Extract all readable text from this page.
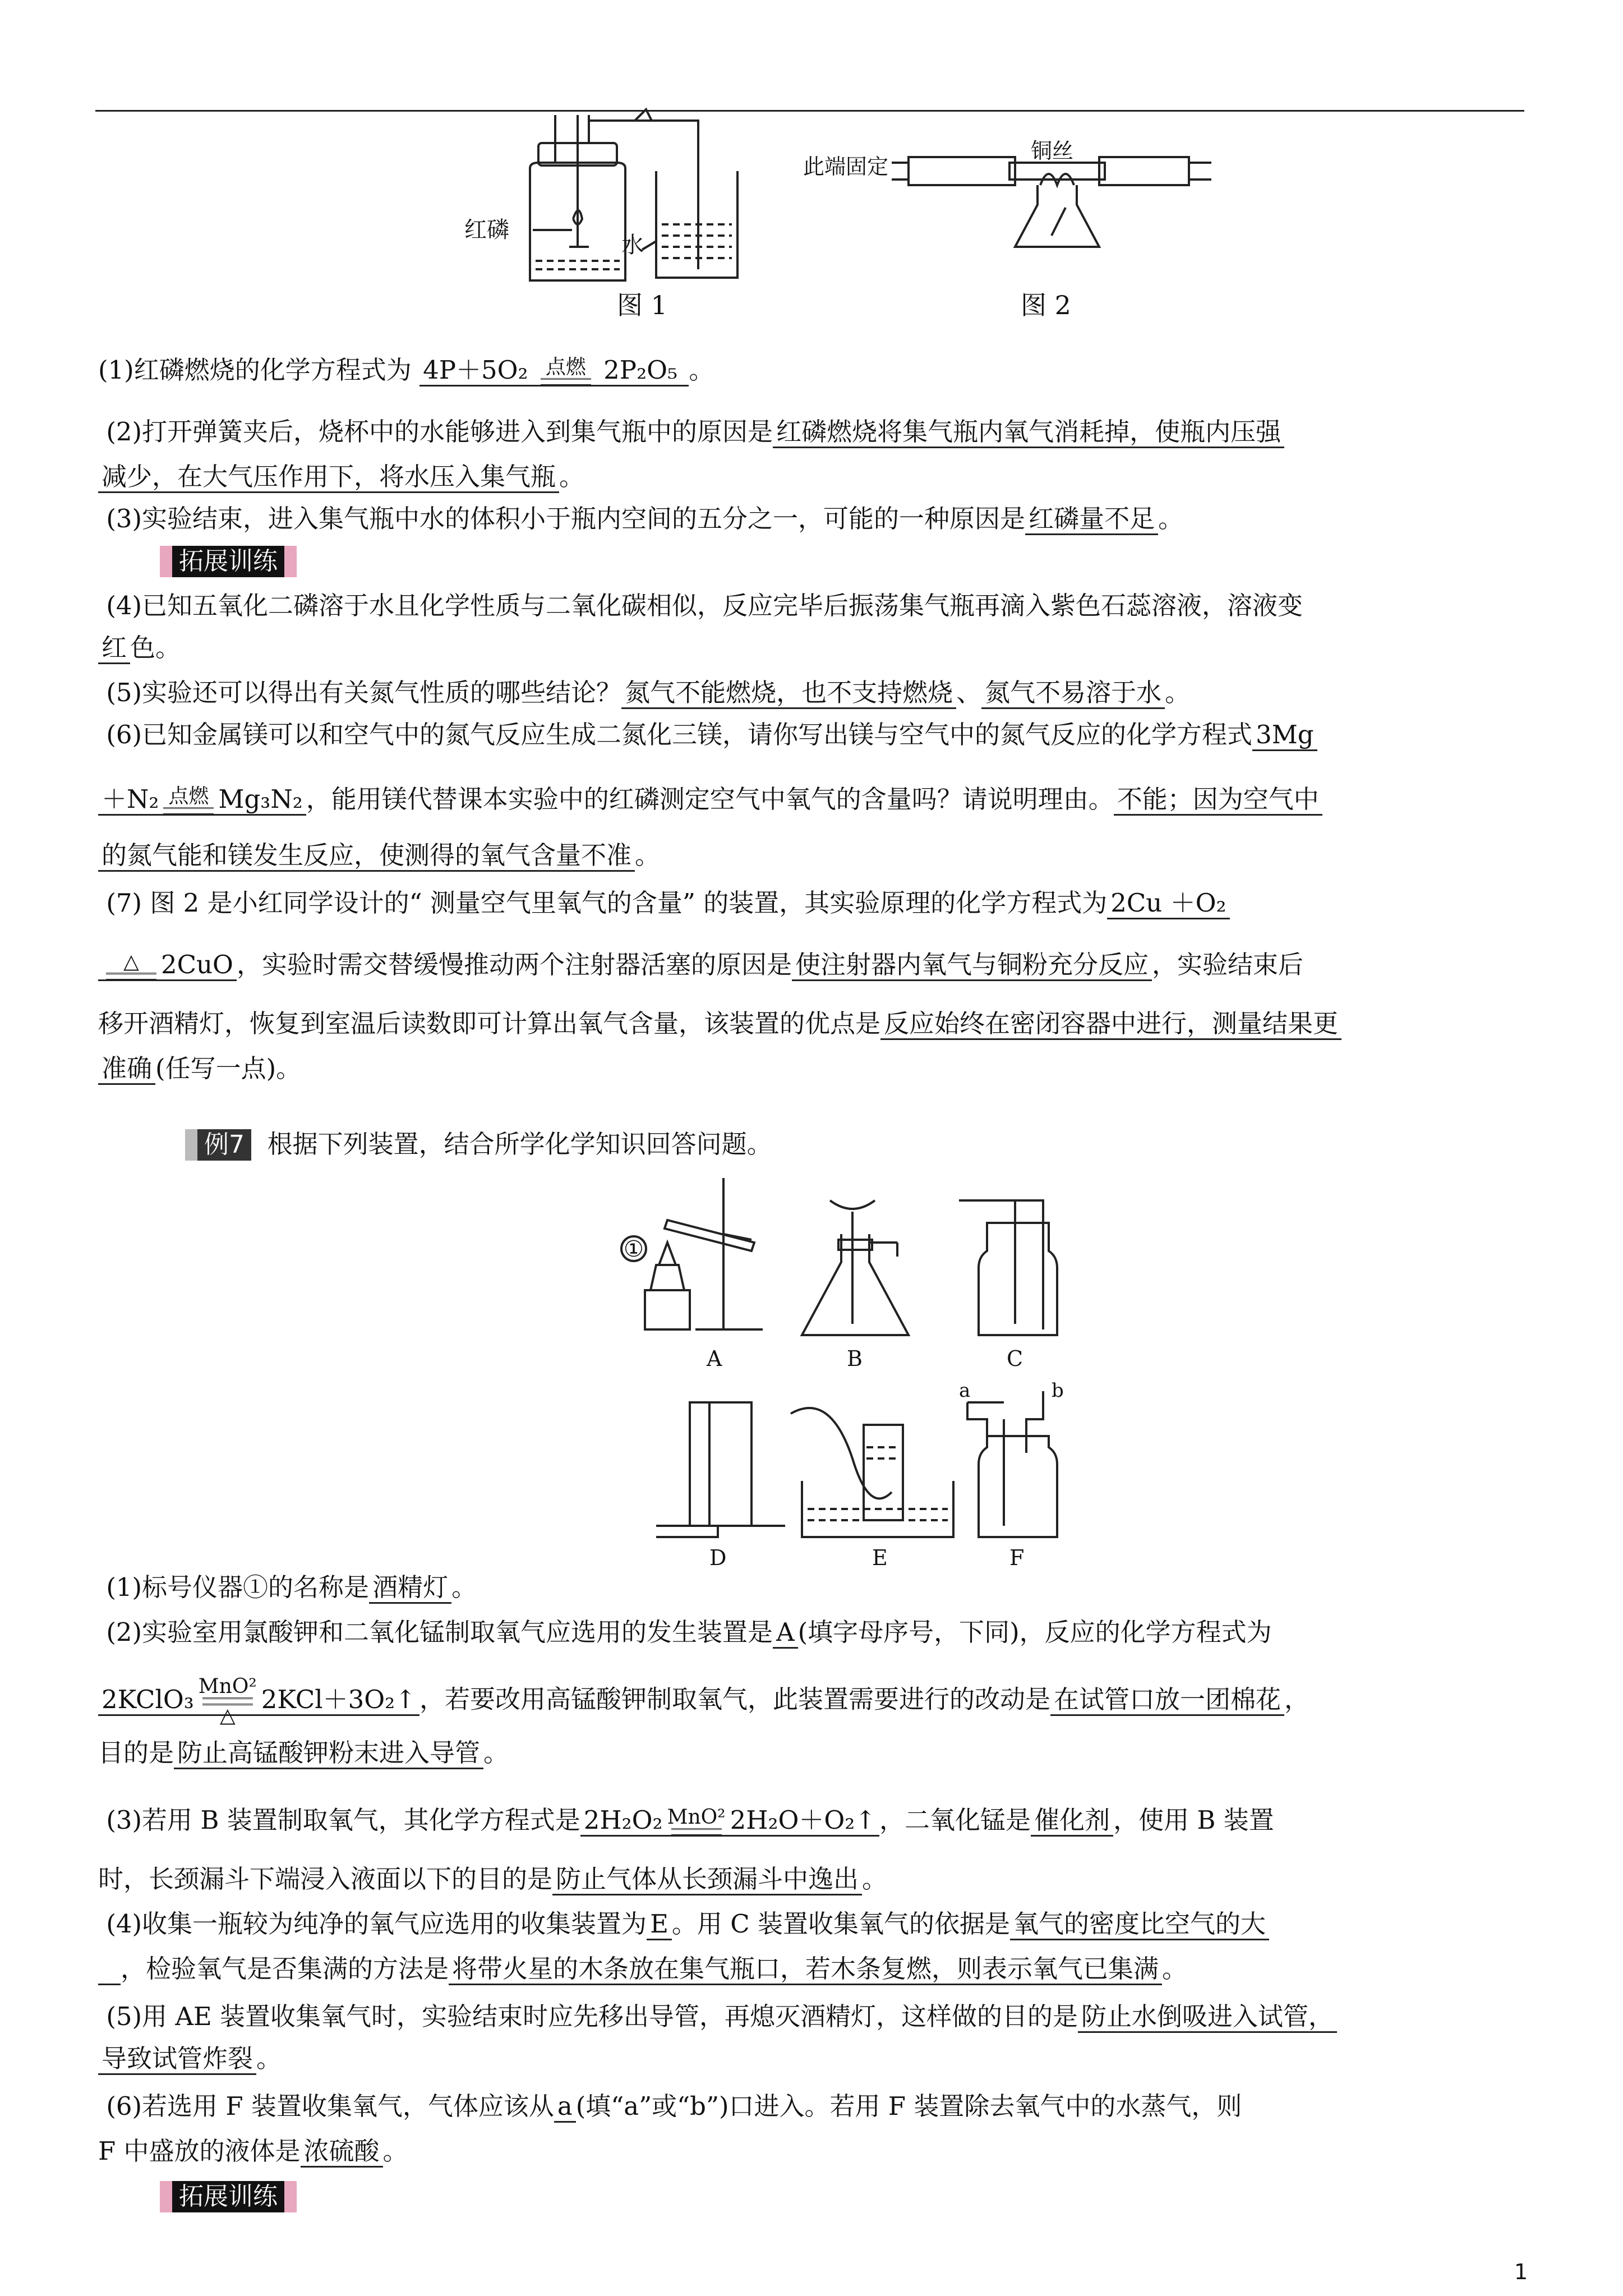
红磷
水
图 1
此端固定
铜丝
图 2
(1)红磷燃烧的化学方程式为 4P＋5O₂ 点燃 2P₂O₅ 。
(2)打开弹簧夹后，烧杯中的水能够进入到集气瓶中的原因是 红磷燃烧将集气瓶内氧气消耗掉，使瓶内压强
减少，在大气压作用下，将水压入集气瓶 。
(3)实验结束，进入集气瓶中水的体积小于瓶内空间的五分之一，可能的一种原因是 红磷量不足 。
拓展训练
(4)已知五氧化二磷溶于水且化学性质与二氧化碳相似，反应完毕后振荡集气瓶再滴入紫色石蕊溶液，溶液变
红 色。
(5)实验还可以得出有关氮气性质的哪些结论？ 氮气不能燃烧，也不支持燃烧 、 氮气不易溶于水 。
(6)已知金属镁可以和空气中的氮气反应生成二氮化三镁，请你写出镁与空气中的氮气反应的化学方程式 3Mg
＋N₂ 点燃 Mg₃N₂ ，能用镁代替课本实验中的红磷测定空气中氧气的含量吗？请说明理由。 不能；因为空气中
的氮气能和镁发生反应，使测得的氧气含量不准 。
(7) 图 2 是小红同学设计的“ 测量空气里氧气的含量” 的装置，其实验原理的化学方程式为 2Cu ＋O₂
△ 2CuO ，实验时需交替缓慢推动两个注射器活塞的原因是 使注射器内氧气与铜粉充分反应 ，实验结束后
移开酒精灯，恢复到室温后读数即可计算出氧气含量，该装置的优点是 反应始终在密闭容器中进行，测量结果更
准确 (任写一点)。
例7 根据下列装置，结合所学化学知识回答问题。
①
A	B	C
D	E	F
a	b
(1)标号仪器①的名称是 酒精灯 。
(2)实验室用氯酸钾和二氧化锰制取氧气应选用的发生装置是 A (填字母序号，下同)，反应的化学方程式为
2KClO₃ MnO²
△2KCl＋3O₂↑ ，若要改用高锰酸钾制取氧气，此装置需要进行的改动是 在试管口放一团棉花 ，
目的是 防止高锰酸钾粉末进入导管 。
(3)若用 B 装置制取氧气，其化学方程式是 2H₂O₂ MnO² 2H₂O＋O₂↑ ，二氧化锰是 催化剂 ，使用 B 装置
时，长颈漏斗下端浸入液面以下的目的是 防止气体从长颈漏斗中逸出 。
(4)收集一瓶较为纯净的氧气应选用的收集装置为 E 。用 C 装置收集氧气的依据是 氧气的密度比空气的大
，检验氧气是否集满的方法是 将带火星的木条放在集气瓶口，若木条复燃，则表示氧气已集满 。
(5)用 AE 装置收集氧气时，实验结束时应先移出导管，再熄灭酒精灯，这样做的目的是 防止水倒吸进入试管，
导致试管炸裂 。
(6)若选用 F 装置收集氧气，气体应该从 a (填“a”或“b”)口进入。若用 F 装置除去氧气中的水蒸气，则
F 中盛放的液体是 浓硫酸 。
拓展训练
1
